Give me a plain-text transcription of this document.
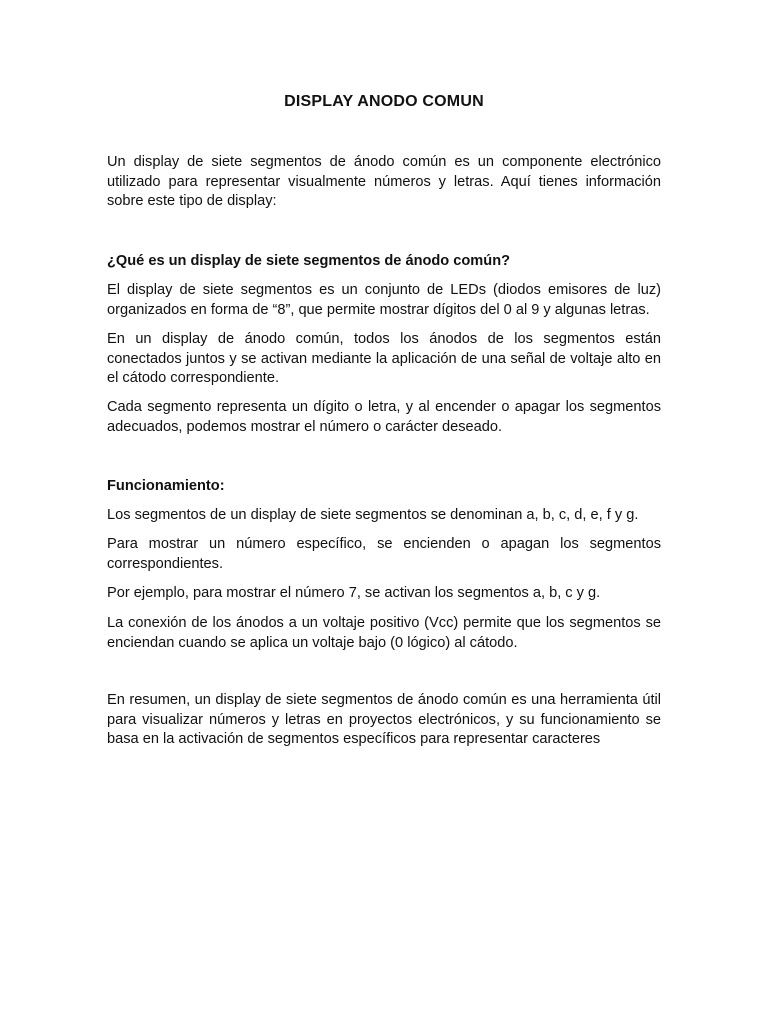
DISPLAY ANODO COMUN

Un display de siete segmentos de ánodo común es un componente electrónico utilizado para representar visualmente números y letras. Aquí tienes información sobre este tipo de display:

¿Qué es un display de siete segmentos de ánodo común?

El display de siete segmentos es un conjunto de LEDs (diodos emisores de luz) organizados en forma de “8”, que permite mostrar dígitos del 0 al 9 y algunas letras.

En un display de ánodo común, todos los ánodos de los segmentos están conectados juntos y se activan mediante la aplicación de una señal de voltaje alto en el cátodo correspondiente.

Cada segmento representa un dígito o letra, y al encender o apagar los segmentos adecuados, podemos mostrar el número o carácter deseado.

Funcionamiento:

Los segmentos de un display de siete segmentos se denominan a, b, c, d, e, f y g.

Para mostrar un número específico, se encienden o apagan los segmentos correspondientes.

Por ejemplo, para mostrar el número 7, se activan los segmentos a, b, c y g.

La conexión de los ánodos a un voltaje positivo (Vcc) permite que los segmentos se enciendan cuando se aplica un voltaje bajo (0 lógico) al cátodo.

En resumen, un display de siete segmentos de ánodo común es una herramienta útil para visualizar números y letras en proyectos electrónicos, y su funcionamiento se basa en la activación de segmentos específicos para representar caracteres
